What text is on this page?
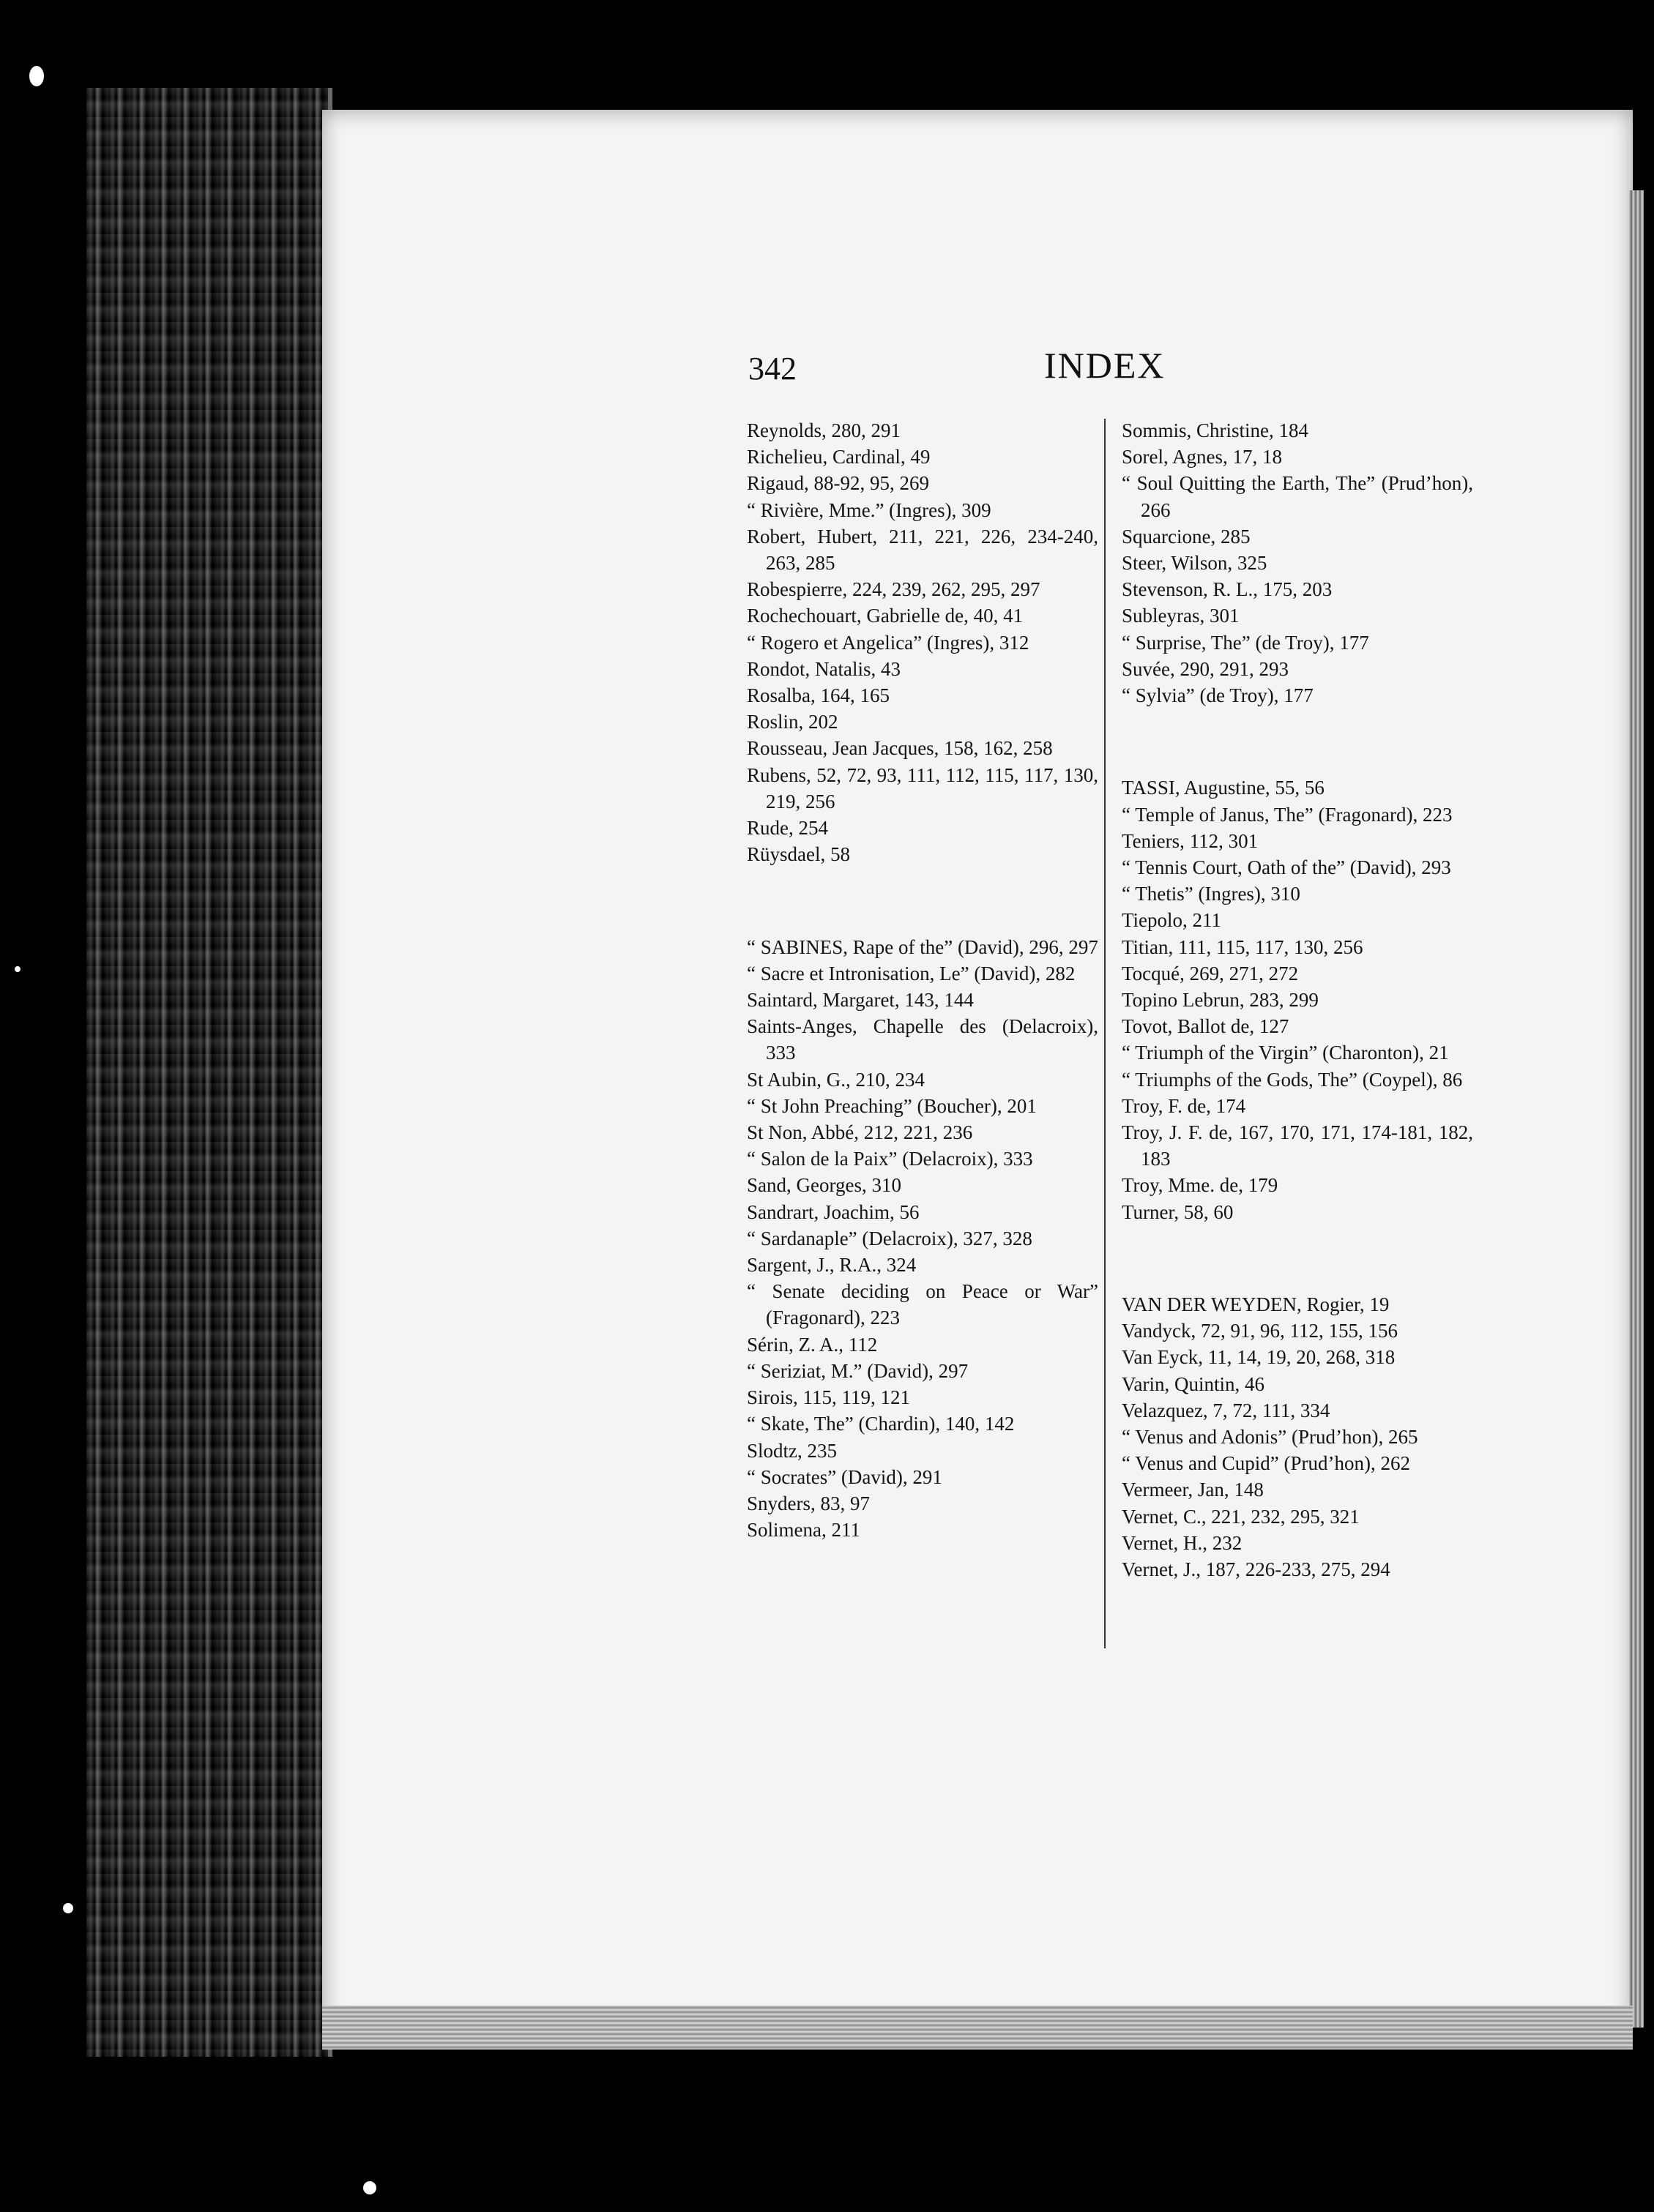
342	INDEX

Reynolds, 280, 291

Richelieu, Cardinal, 49

Rigaud, 88-92, 95, 269

“ Rivière, Mme.” (Ingres), 309

Robert, Hubert, 211, 221, 226, 234-240, 263, 285

Robespierre, 224, 239, 262, 295, 297

Rochechouart, Gabrielle de, 40, 41

“ Rogero et Angelica” (Ingres), 312

Rondot, Natalis, 43

Rosalba, 164, 165

Roslin, 202

Rousseau, Jean Jacques, 158, 162, 258

Rubens, 52, 72, 93, 111, 112, 115, 117, 130, 219, 256

Rude, 254

Rüysdael, 58

“ SABINES, Rape of the” (David), 296, 297

“ Sacre et Intronisation, Le” (David), 282

Saintard, Margaret, 143, 144

Saints-Anges, Chapelle des (Delacroix), 333

St Aubin, G., 210, 234

“ St John Preaching” (Boucher), 201

St Non, Abbé, 212, 221, 236

“ Salon de la Paix” (Delacroix), 333

Sand, Georges, 310

Sandrart, Joachim, 56

“ Sardanaple” (Delacroix), 327, 328

Sargent, J., R.A., 324

“ Senate deciding on Peace or War” (Fragonard), 223

Sérin, Z. A., 112

“ Seriziat, M.” (David), 297

Sirois, 115, 119, 121

“ Skate, The” (Chardin), 140, 142

Slodtz, 235

“ Socrates” (David), 291

Snyders, 83, 97

Solimena, 211

Sommis, Christine, 184

Sorel, Agnes, 17, 18

“ Soul Quitting the Earth, The” (Prud’hon), 266

Squarcione, 285

Steer, Wilson, 325

Stevenson, R. L., 175, 203

Subleyras, 301

“ Surprise, The” (de Troy), 177

Suvée, 290, 291, 293

“ Sylvia” (de Troy), 177

TASSI, Augustine, 55, 56

“ Temple of Janus, The” (Fragonard), 223

Teniers, 112, 301

“ Tennis Court, Oath of the” (David), 293

“ Thetis” (Ingres), 310

Tiepolo, 211

Titian, 111, 115, 117, 130, 256

Tocqué, 269, 271, 272

Topino Lebrun, 283, 299

Tovot, Ballot de, 127

“ Triumph of the Virgin” (Charonton), 21

“ Triumphs of the Gods, The” (Coypel), 86

Troy, F. de, 174

Troy, J. F. de, 167, 170, 171, 174-181, 182, 183

Troy, Mme. de, 179

Turner, 58, 60

VAN DER WEYDEN, Rogier, 19

Vandyck, 72, 91, 96, 112, 155, 156

Van Eyck, 11, 14, 19, 20, 268, 318

Varin, Quintin, 46

Velazquez, 7, 72, 111, 334

“ Venus and Adonis” (Prud’hon), 265

“ Venus and Cupid” (Prud’hon), 262

Vermeer, Jan, 148

Vernet, C., 221, 232, 295, 321

Vernet, H., 232

Vernet, J., 187, 226-233, 275, 294
